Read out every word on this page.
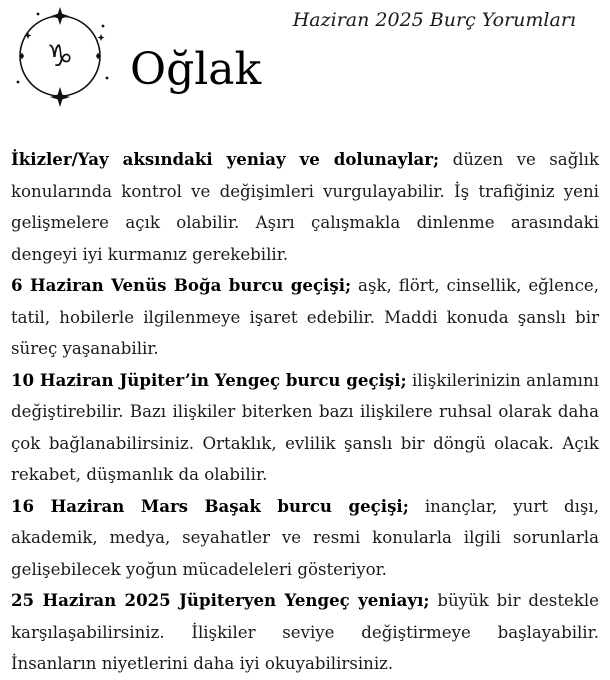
♑
Haziran 2025 Burç Yorumları
Oğlak

İkizler/Yay aksındaki yeniay ve dolunaylar; düzen ve sağlık konularında kontrol ve değişimleri vurgulayabilir. İş trafiğiniz yeni gelişmelere açık olabilir. Aşırı çalışmakla dinlenme arasındaki dengeyi iyi kurmanız gerekebilir.

6 Haziran Venüs Boğa burcu geçişi; aşk, flört, cinsellik, eğlence, tatil, hobilerle ilgilenmeye işaret edebilir. Maddi konuda şanslı bir süreç yaşanabilir.

10 Haziran Jüpiter’in Yengeç burcu geçişi; ilişkilerinizin anlamını değiştirebilir. Bazı ilişkiler biterken bazı ilişkilere ruhsal olarak daha çok bağlanabilirsiniz. Ortaklık, evlilik şanslı bir döngü olacak. Açık rekabet, düşmanlık da olabilir.

16 Haziran Mars Başak burcu geçişi; inançlar, yurt dışı, akademik, medya, seyahatler ve resmi konularla ilgili sorunlarla gelişebilecek yoğun mücadeleleri gösteriyor.

25 Haziran 2025 Jüpiteryen Yengeç yeniayı; büyük bir destekle karşılaşabilirsiniz. İlişkiler seviye değiştirmeye başlayabilir. İnsanların niyetlerini daha iyi okuyabilirsiniz.
